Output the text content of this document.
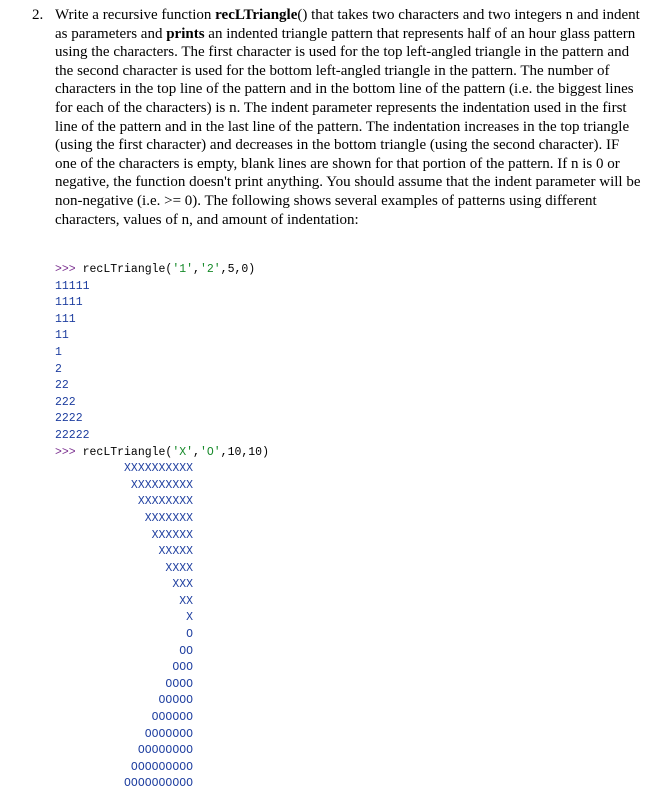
2. Write a recursive function recLTriangle() that takes two characters and two integers n and indent as parameters and prints an indented triangle pattern that represents half of an hour glass pattern using the characters. The first character is used for the top left-angled triangle in the pattern and the second character is used for the bottom left-angled triangle in the pattern. The number of characters in the top line of the pattern and in the bottom line of the pattern (i.e. the biggest lines for each of the characters) is n. The indent parameter represents the indentation used in the first line of the pattern and in the last line of the pattern. The indentation increases in the top triangle (using the first character) and decreases in the bottom triangle (using the second character). IF one of the characters is empty, blank lines are shown for that portion of the pattern. If n is 0 or negative, the function doesn't print anything. You should assume that the indent parameter will be non-negative (i.e. >= 0). The following shows several examples of patterns using different characters, values of n, and amount of indentation:
>>> recLTriangle('1','2',5,0)
11111
1111
111
11
1
2
22
222
2222
22222
>>> recLTriangle('X','O',10,10)
XXXXXXXXXX
XXXXXXXXX
XXXXXXXX
XXXXXXX
XXXXXX
XXXXX
XXXX
XXX
XX
X
O
OO
OOO
OOOO
OOOOO
OOOOOO
OOOOOOO
OOOOOOOO
OOOOOOOOO
OOOOOOOOOO
